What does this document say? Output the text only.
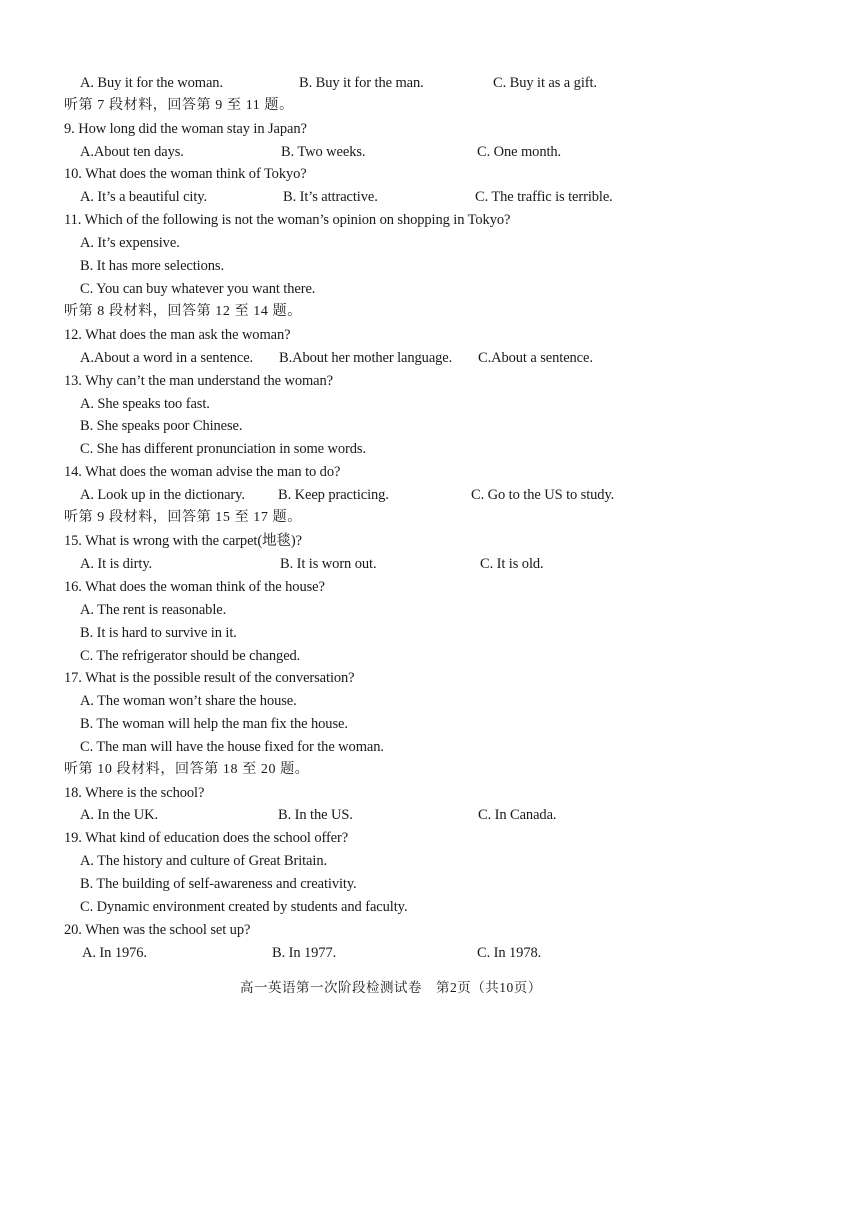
A. Buy it for the woman.	B. Buy it for the man.	C. Buy it as a gift.
听第 7 段材料，回答第 9 至 11 题。
9. How long did the woman stay in Japan?
A.About ten days.	B. Two weeks.	C. One month.
10. What does the woman think of Tokyo?
A. It’s a beautiful city.	B. It’s attractive.	C. The traffic is terrible.
11. Which of the following is not the woman’s opinion on shopping in Tokyo?
A. It’s expensive.
B. It has more selections.
C. You can buy whatever you want there.
听第 8 段材料，回答第 12 至 14 题。
12. What does the man ask the woman?
A.About a word in a sentence. B.About her mother language. C.About a sentence.
13. Why can’t the man understand the woman?
A. She speaks too fast.
B. She speaks poor Chinese.
C. She has different pronunciation in some words.
14. What does the woman advise the man to do?
A. Look up in the dictionary. B. Keep practicing.	C. Go to the US to study.
听第 9 段材料，回答第 15 至 17 题。
15. What is wrong with the carpet(地毯)?
A. It is dirty.	B. It is worn out.	C. It is old.
16. What does the woman think of the house?
A. The rent is reasonable.
B. It is hard to survive in it.
C. The refrigerator should be changed.
17. What is the possible result of the conversation?
A. The woman won’t share the house.
B. The woman will help the man fix the house.
C. The man will have the house fixed for the woman.
听第 10 段材料，回答第 18 至 20 题。
18. Where is the school?
A. In the UK.	B. In the US.	C. In Canada.
19. What kind of education does the school offer?
A. The history and culture of Great Britain.
B. The building of self-awareness and creativity.
C. Dynamic environment created by students and faculty.
20. When was the school set up?
A. In 1976.	B. In 1977.	C. In 1978.
高一英语第一次阶段检测试卷　第2页（共10页）
